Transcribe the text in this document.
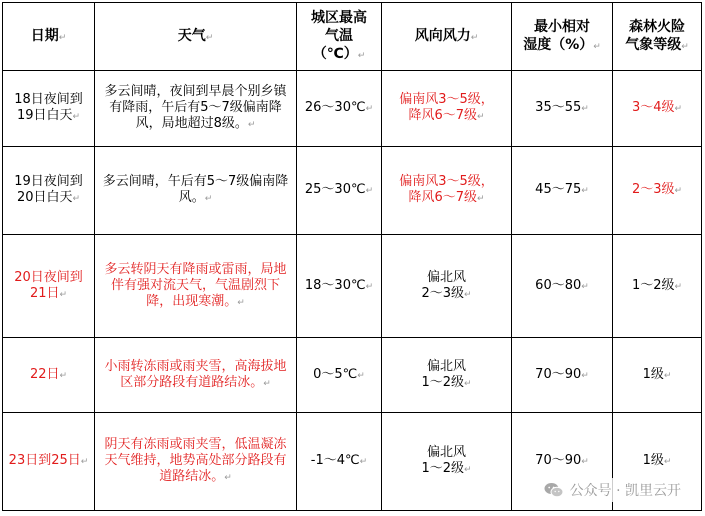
日期↵	天气↵	城区最高
气温
（℃）↵	风向风力↵	最小相对
湿度（%）↵	森林火险
气象等级↵
18日夜间到
19日白天↵	多云间晴，夜间到早晨个别乡镇有降雨，午后有5～7级偏南降风，局地超过8级。↵	26～30℃↵	偏南风3～5级，
降风6～7级↵	35～55↵	3～4级↵
19日夜间到
20日白天↵	多云间晴，午后有5～7级偏南降风。↵	25～30℃↵	偏南风3～5级，
降风6～7级↵	45～75↵	2～3级↵
20日夜间到
21日↵	多云转阴天有降雨或雷雨，局地伴有强对流天气，气温剧烈下降，出现寒潮。↵	18～30℃↵	偏北风
2～3级↵	60～80↵	1～2级↵
22日↵	小雨转冻雨或雨夹雪，高海拔地区部分路段有道路结冰。↵	0～5℃↵	偏北风
1～2级↵	70～90↵	1级↵
23日到25日↵	阴天有冻雨或雨夹雪，低温凝冻天气维持，地势高处部分路段有道路结冰。↵	-1～4℃↵	偏北风
1～2级↵	70～90↵	1级↵
公众号 · 凯里云开
